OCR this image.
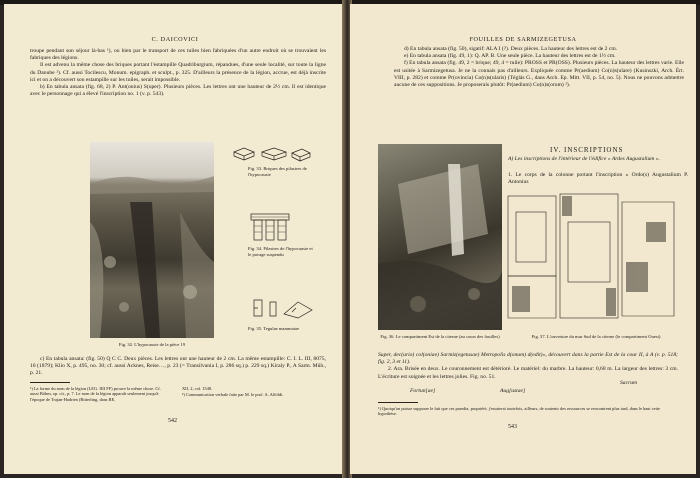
C. DAICOVICI

troupe pendant son séjour là-bas ¹), ou bien par le transport de ces tuiles bien fabriquées d'un autre endroit où se trouvaient les fabriques des légions.

Il est advenu la même chose des briques portant l'estampille Quadriburgium, répandues, d'une seule localité, sur toute la ligne du Danube ²). Cf. aussi Tocilescu, Monum. epigraph. et sculpt., p. 325. D'ailleurs la présence de la légion, accrue, est déjà inscrite ici et on a découvert son estampille sur les tuiles, serait impossible.

b) En tabula ansata (fig. 68, 2) P. Ant(onius) S(uper). Plusieurs pièces. Les lettres ont une hauteur de 2½ cm. Il est identique avec le personnage qui a élevé l'inscription no. 1 (v. p. 543).

Fig. 32. L'hypocauste de la pièce 19
Fig. 33. Briques des pilastres de l'hypocauste
Fig. 34. Pilastres de l'hypocauste et le pavage suspendu
Fig. 35. Tegulae mammatae

c) En tabula ansata: (fig. 50) Q C C. Deux pièces. Les lettres ont une hauteur de 2 cm. La même estampille: C. I. L. III, 8075, 10 (1879); Klio X, p. 495, no. 30; cf. aussi Acknes, Reise…, p. 23 (= Transilvania I, p. 286 sq.) p. 229 sq.) Kiraly P., A Sarm. Müh., p. 21.

¹) La forme du nom de la légion (LEG. IIII FF) prouve la même chose. Cf. aussi Böhm, op. cit., p. 7. Le nom de la légion apparaît seulement jusqu'à l'époque de Trajan-Hadrien (Ritterling, dans RE,
XII, 2, col. 1548.
²) Communication verbale faite par M. le prof. A. Alföldi.
542
FOUILLES DE SARMIZEGETUSA

d) En tabula ansata (fig. 50), sigatif: ALA I (?). Deux pièces. La hauteur des lettres est de 2 cm.

e) En tabula ansata (fig. 49, 1): Q. AP. B. Une seule pièce. La hauteur des lettres est de 1½ cm.

f) En tabula ansata (fig. 49, 2 = brique; 49, 4 = tuile): PROSS et PR(OSS). Plusieurs pièces. La hauteur des lettres varie. Elle est usitée à Sarmizegetusa. Je ne la connais pas d'ailleurs. Expliquée comme Pr(aedium) Co(n)s(ulare) (Kusinszki, Arch. Ért. VIII, p. 282) et comme Pr(ovincia) Co(n)s(ularis) (Téglás G., dans Arch. Ep. Mitt. VII, p. 54, no. 5). Nous ne pouvons admettre aucune de ces suppositions. Je proposerais plutôt: Pr(aedium) Co(n)s(orum) ²).

IV. INSCRIPTIONS
A) Les inscriptions de l'intérieur de l'édifice « Ardes Augustalium ».
1. Le corps de la colonne portant l'inscription « Ordo(s) Augustalium P. Antonius
Fig. 36. Le compartiment Est de la citerne (au cours des fouilles)	Fig. 37. L'ouverture du mur Sud de la citerne (le compartiment Ouest)

Super, dec(urio) col(oniae) Sarmiz(egetusae) Metropolis d(onum) d(edit)», découvert dans la partie Est de la cour II, à A (v. p. 518; fig. 2, 3 et 11).

2. Ara. Brisée en deux. Le couronnement est détérioré. Le matériel: du marbre. La hauteur: 0,68 m. La largeur des lettres: 3 cm. L'écriture est soignée et les lettres jolies. Fig. no. 51.

Fortun[ae]	Aug[ustae]
Sacrum
¹) Quoiqu'on puisse supposer le fait que ces praedia, propriété, j'essaierai toutefois, ailleurs, de soutenir des ressources se rencontrent plus tard, dans le haut cette hypothèse.
543
